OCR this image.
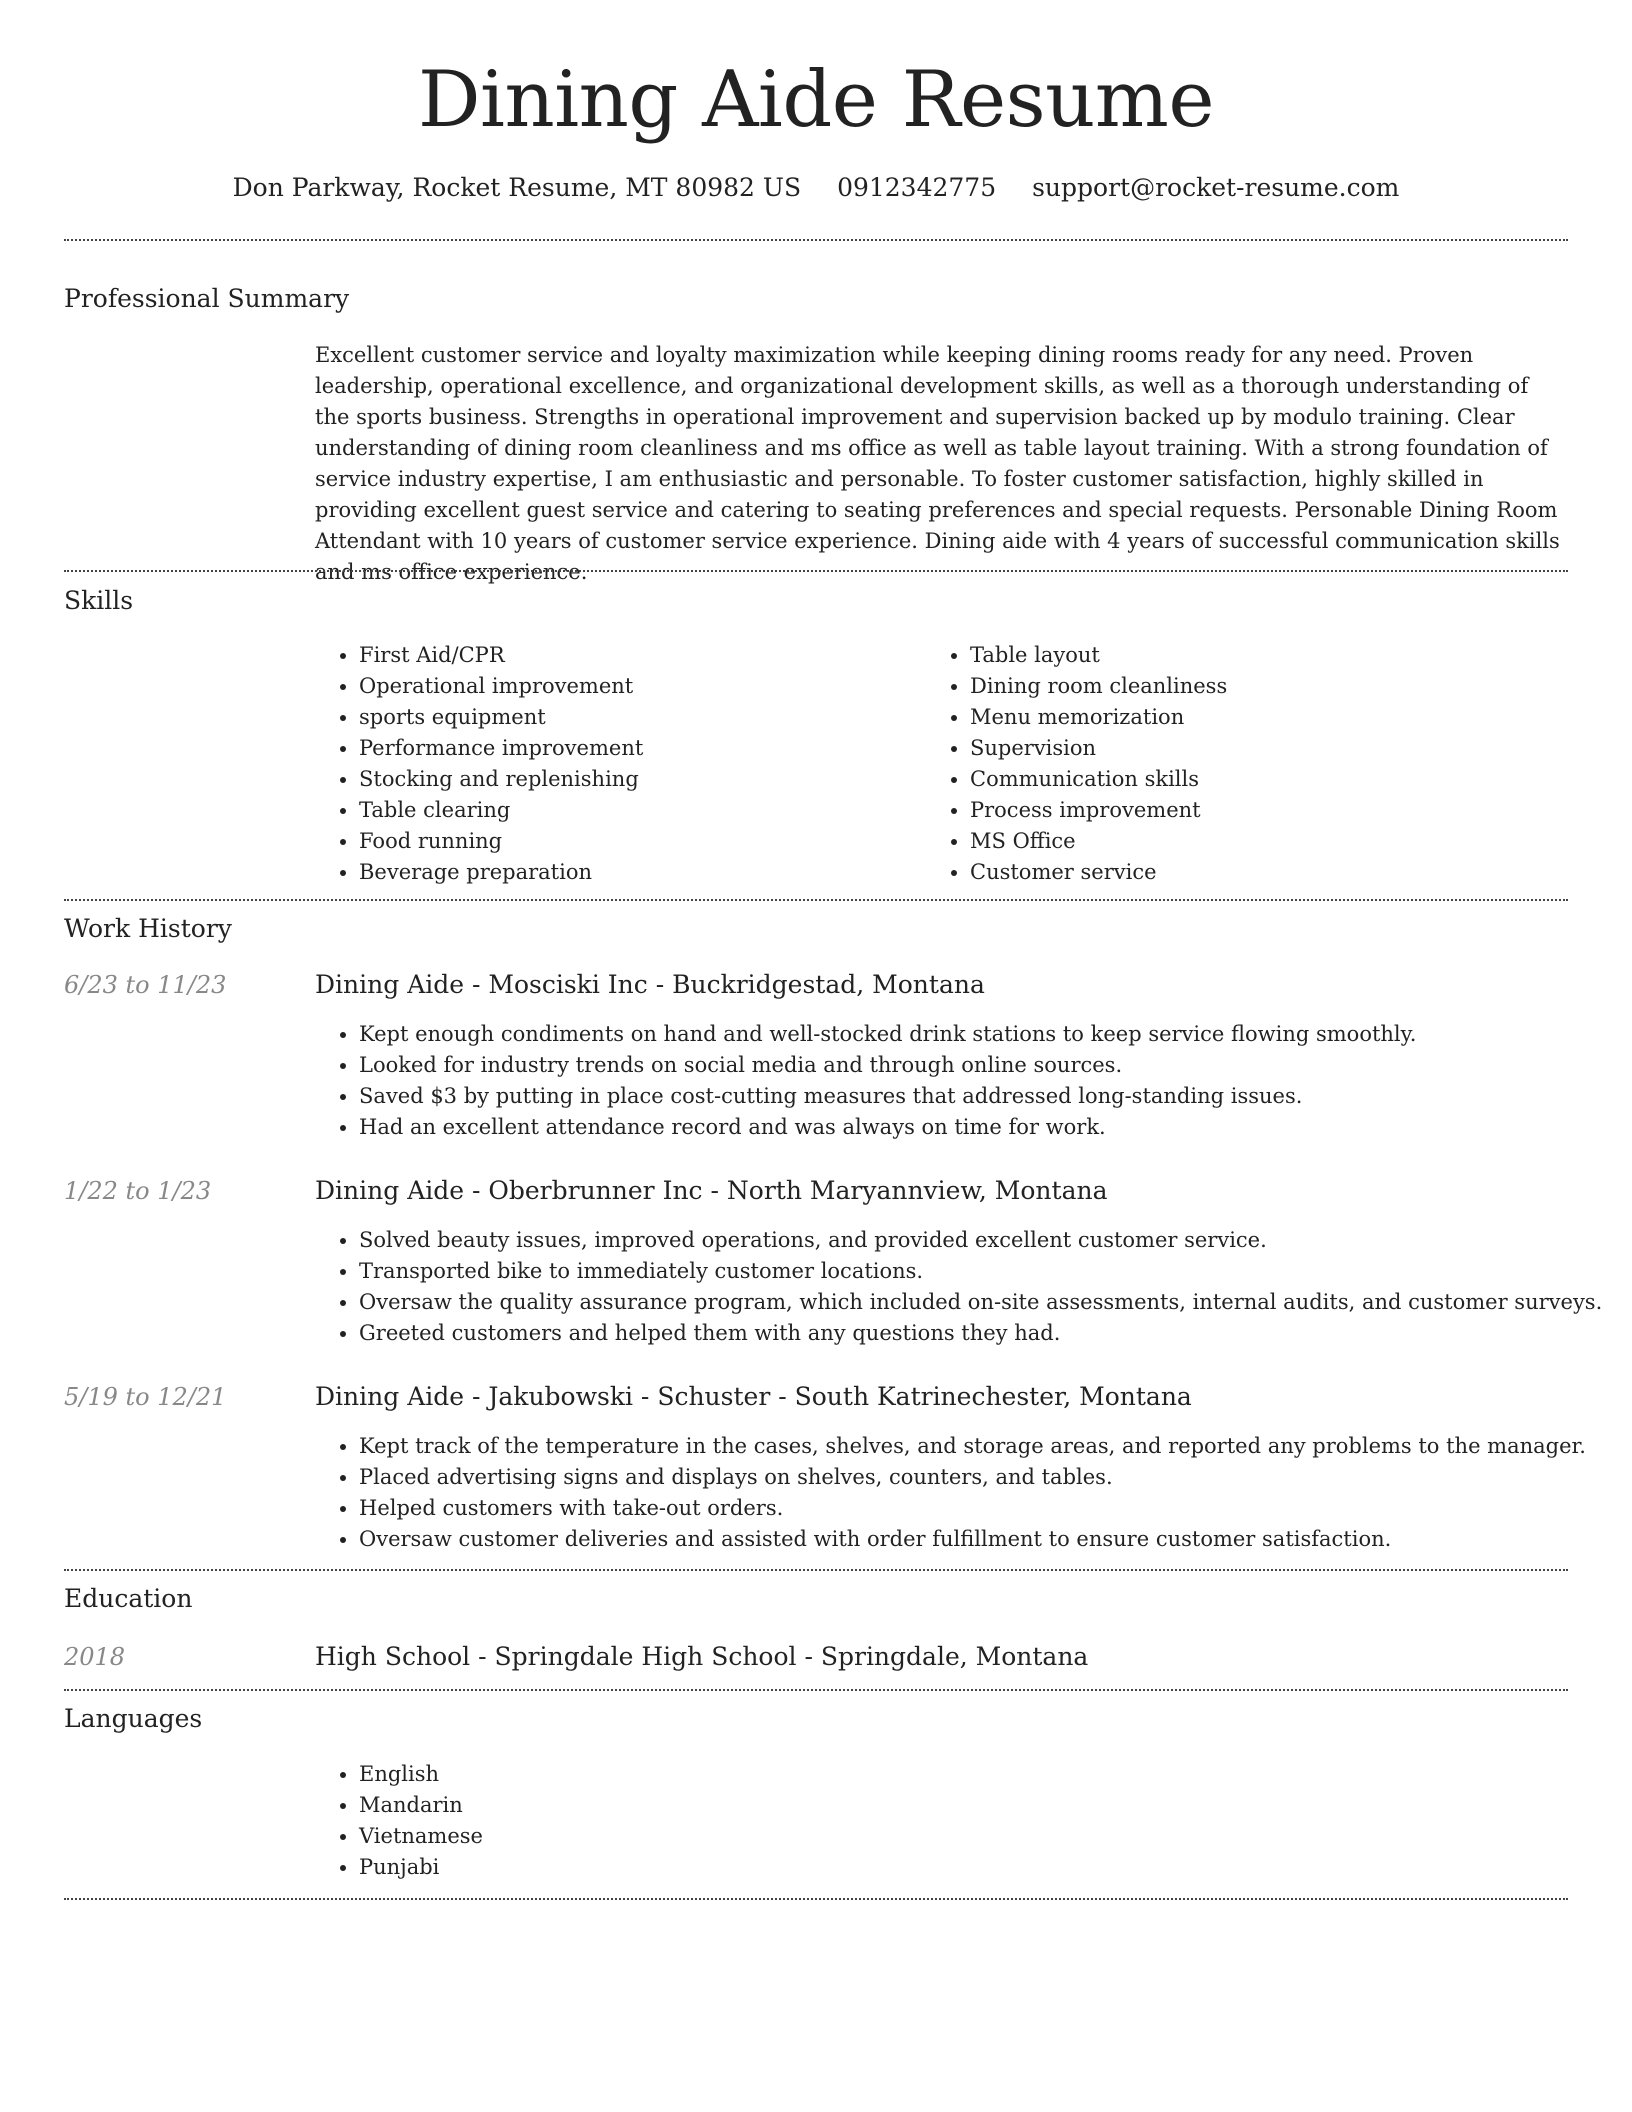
Dining Aide Resume
Don Parkway, Rocket Resume, MT 80982 US 0912342775 support@rocket-resume.com
Professional Summary

Excellent customer service and loyalty maximization while keeping dining rooms ready for any need. Proven leadership, operational excellence, and organizational development skills, as well as a thorough understanding of the sports business. Strengths in operational improvement and supervision backed up by modulo training. Clear understanding of dining room cleanliness and ms office as well as table layout training. With a strong foundation of service industry expertise, I am enthusiastic and personable. To foster customer satisfaction, highly skilled in providing excellent guest service and catering to seating preferences and special requests. Personable Dining Room Attendant with 10 years of customer service experience. Dining aide with 4 years of successful communication skills and ms office experience.

Skills
• First Aid/CPR
• Operational improvement
• sports equipment
• Performance improvement
• Stocking and replenishing
• Table clearing
• Food running
• Beverage preparation
• Table layout
• Dining room cleanliness
• Menu memorization
• Supervision
• Communication skills
• Process improvement
• MS Office
• Customer service
Work History
6/23 to 11/23	Dining Aide - Mosciski Inc - Buckridgestad, Montana
• Kept enough condiments on hand and well-stocked drink stations to keep service flowing smoothly.
• Looked for industry trends on social media and through online sources.
• Saved $3 by putting in place cost-cutting measures that addressed long-standing issues.
• Had an excellent attendance record and was always on time for work.
1/22 to 1/23	Dining Aide - Oberbrunner Inc - North Maryannview, Montana
• Solved beauty issues, improved operations, and provided excellent customer service.
• Transported bike to immediately customer locations.
• Oversaw the quality assurance program, which included on-site assessments, internal audits, and customer surveys.
• Greeted customers and helped them with any questions they had.
5/19 to 12/21	Dining Aide - Jakubowski - Schuster - South Katrinechester, Montana
• Kept track of the temperature in the cases, shelves, and storage areas, and reported any problems to the manager.
• Placed advertising signs and displays on shelves, counters, and tables.
• Helped customers with take-out orders.
• Oversaw customer deliveries and assisted with order fulfillment to ensure customer satisfaction.
Education
2018	High School - Springdale High School - Springdale, Montana
Languages
• English
• Mandarin
• Vietnamese
• Punjabi
